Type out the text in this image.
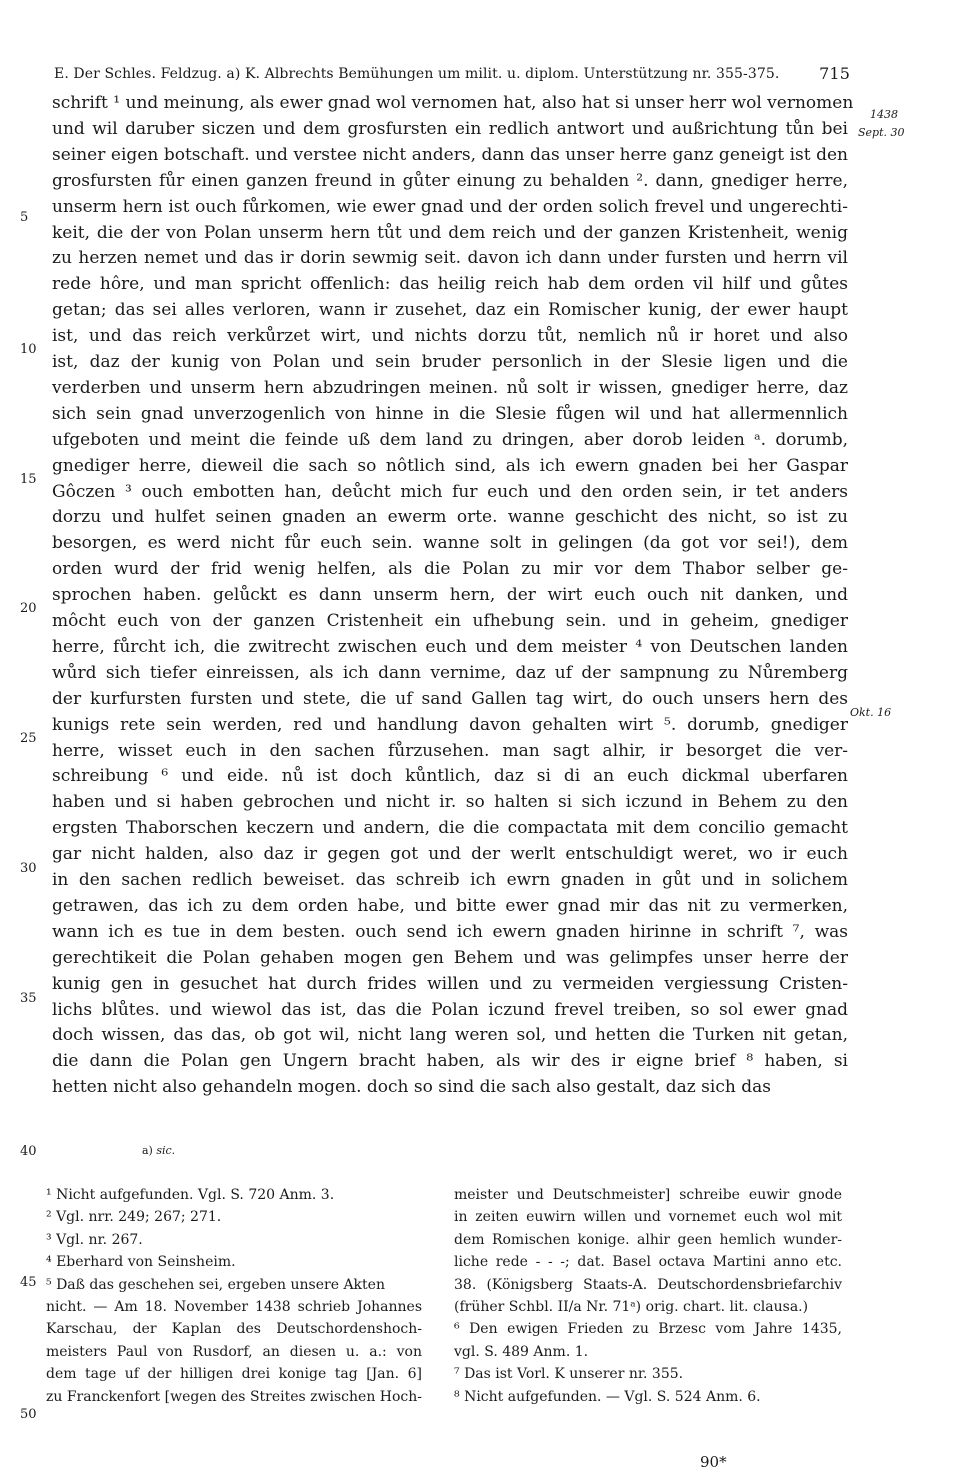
E. Der Schles. Feldzug. a) K. Albrechts Bemühungen um milit. u. diplom. Unterstützung nr. 355-375. 715
schrift ¹ und meinung, als ewer gnad wol vernomen hat, also hat si unser herr wol vernomen
und wil daruber siczen und dem grosfursten ein redlich antwort und außrichtung tůn bei
seiner eigen botschaft. und verstee nicht anders, dann das unser herre ganz geneigt ist den
grosfursten fůr einen ganzen freund in gůter einung zu behalden ². dann, gnediger herre,
unserm hern ist ouch fůrkomen, wie ewer gnad und der orden solich frevel und ungerechti-
keit, die der von Polan unserm hern tůt und dem reich und der ganzen Kristenheit, wenig
zu herzen nemet und das ir dorin sewmig seit. davon ich dann under fursten und herrn vil
rede hôre, und man spricht offenlich: das heilig reich hab dem orden vil hilf und gůtes
getan; das sei alles verloren, wann ir zusehet, daz ein Romischer kunig, der ewer haupt
ist, und das reich verkůrzet wirt, und nichts dorzu tůt, nemlich nů ir horet und also
ist, daz der kunig von Polan und sein bruder personlich in der Slesie ligen und die
verderben und unserm hern abzudringen meinen. nů solt ir wissen, gnediger herre, daz
sich sein gnad unverzogenlich von hinne in die Slesie fůgen wil und hat allermennlich
ufgeboten und meint die feinde uß dem land zu dringen, aber dorob leiden ᵃ. dorumb,
gnediger herre, dieweil die sach so nôtlich sind, als ich ewern gnaden bei her Gaspar
Gôczen ³ ouch embotten han, deůcht mich fur euch und den orden sein, ir tet anders
dorzu und hulfet seinen gnaden an ewerm orte. wanne geschicht des nicht, so ist zu
besorgen, es werd nicht fůr euch sein. wanne solt in gelingen (da got vor sei!), dem
orden wurd der frid wenig helfen, als die Polan zu mir vor dem Thabor selber ge-
sprochen haben. gelůckt es dann unserm hern, der wirt euch ouch nit danken, und
môcht euch von der ganzen Cristenheit ein ufhebung sein. und in geheim, gnediger
herre, fůrcht ich, die zwitrecht zwischen euch und dem meister ⁴ von Deutschen landen
wůrd sich tiefer einreissen, als ich dann vernime, daz uf der sampnung zu Nůremberg
der kurfursten fursten und stete, die uf sand Gallen tag wirt, do ouch unsers hern des
kunigs rete sein werden, red und handlung davon gehalten wirt ⁵. dorumb, gnediger
herre, wisset euch in den sachen fůrzusehen. man sagt alhir, ir besorget die ver-
schreibung ⁶ und eide. nů ist doch kůntlich, daz si di an euch dickmal uberfaren
haben und si haben gebrochen und nicht ir. so halten si sich iczund in Behem zu den
ergsten Thaborschen keczern und andern, die die compactata mit dem concilio gemacht
gar nicht halden, also daz ir gegen got und der werlt entschuldigt weret, wo ir euch
in den sachen redlich beweiset. das schreib ich ewrn gnaden in gůt und in solichem
getrawen, das ich zu dem orden habe, und bitte ewer gnad mir das nit zu vermerken,
wann ich es tue in dem besten. ouch send ich ewern gnaden hirinne in schrift ⁷, was
gerechtikeit die Polan gehaben mogen gen Behem und was gelimpfes unser herre der
kunig gen in gesuchet hat durch frides willen und zu vermeiden vergiessung Cristen-
lichs blůtes. und wiewol das ist, das die Polan iczund frevel treiben, so sol ewer gnad
doch wissen, das das, ob got wil, nicht lang weren sol, und hetten die Turken nit getan,
die dann die Polan gen Ungern bracht haben, als wir des ir eigne brief ⁸ haben, si
hetten nicht also gehandeln mogen. doch so sind die sach also gestalt, daz sich das
5
10
15
20
25
30
35
40
45
50
1438
Sept. 30
Okt. 16
a) sic.
¹ Nicht aufgefunden. Vgl. S. 720 Anm. 3.
² Vgl. nrr. 249; 267; 271.
³ Vgl. nr. 267.
⁴ Eberhard von Seinsheim.
⁵ Daß das geschehen sei, ergeben unsere Akten
nicht. — Am 18. November 1438 schrieb Johannes
Karschau, der Kaplan des Deutschordenshoch-
meisters Paul von Rusdorf, an diesen u. a.: von
dem tage uf der hilligen drei konige tag [Jan. 6]
zu Franckenfort [wegen des Streites zwischen Hoch-
meister und Deutschmeister] schreibe euwir gnode
in zeiten euwirn willen und vornemet euch wol mit
dem Romischen konige. alhir geen hemlich wunder-
liche rede - - -; dat. Basel octava Martini anno etc.
38. (Königsberg Staats-A. Deutschordensbriefarchiv
(früher Schbl. II/a Nr. 71ᵃ) orig. chart. lit. clausa.)
⁶ Den ewigen Frieden zu Brzesc vom Jahre 1435,
vgl. S. 489 Anm. 1.
⁷ Das ist Vorl. K unserer nr. 355.
⁸ Nicht aufgefunden. — Vgl. S. 524 Anm. 6.
90*
